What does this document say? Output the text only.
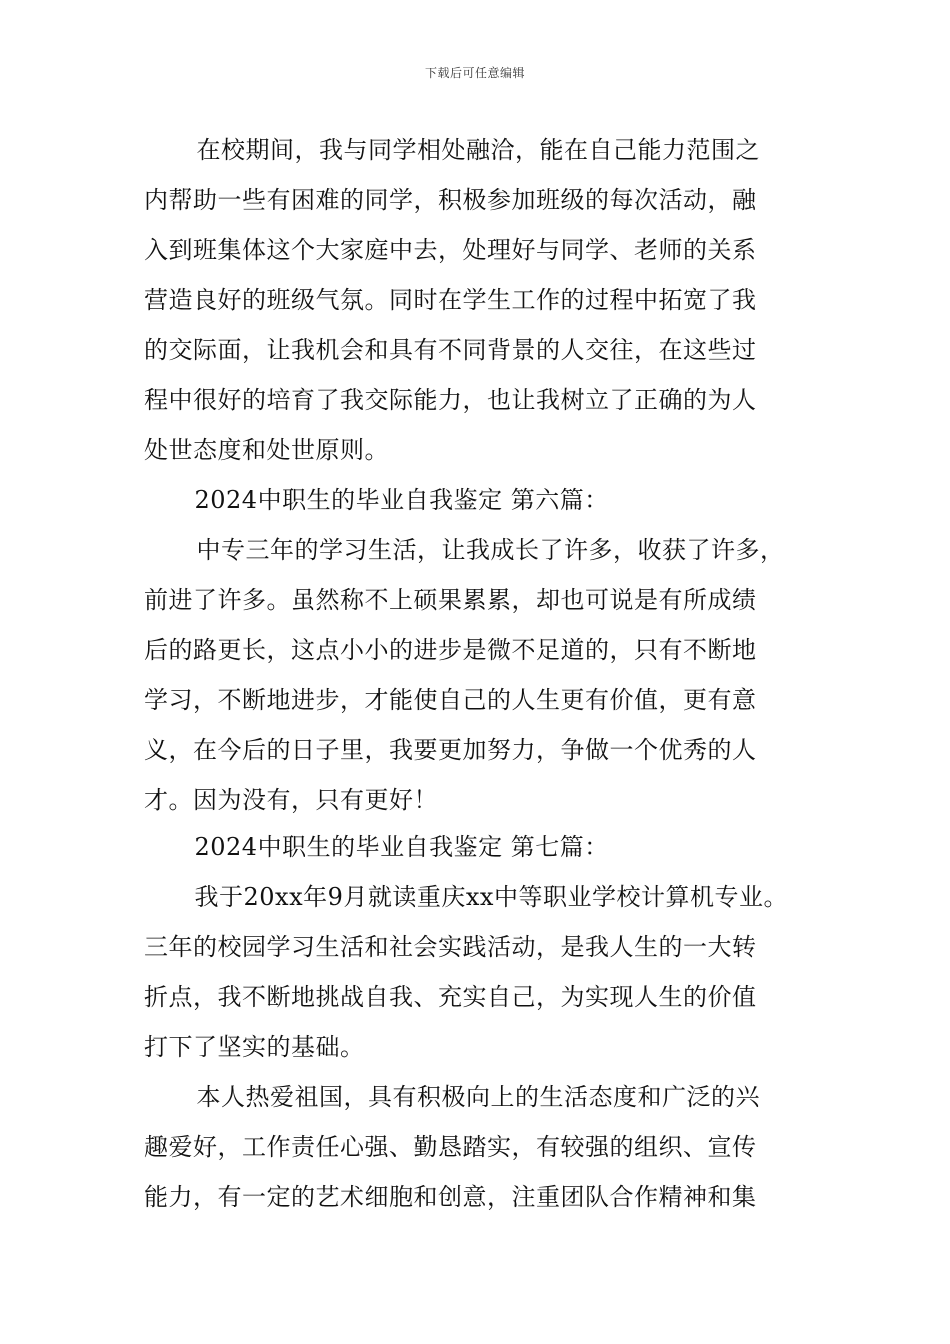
下载后可任意编辑
　在校期间，我与同学相处融洽，能在自己能力范围之
内帮助一些有困难的同学，积极参加班级的每次活动，融
入到班集体这个大家庭中去，处理好与同学、老师的关系
营造良好的班级气氛。同时在学生工作的过程中拓宽了我
的交际面，让我机会和具有不同背景的人交往，在这些过
程中很好的培育了我交际能力，也让我树立了正确的为人
处世态度和处世原则。
　2024中职生的毕业自我鉴定 第六篇：
　中专三年的学习生活，让我成长了许多，收获了许多，
前进了许多。虽然称不上硕果累累，却也可说是有所成绩
后的路更长，这点小小的进步是微不足道的，只有不断地
学习，不断地进步，才能使自己的人生更有价值，更有意
义，在今后的日子里，我要更加努力，争做一个优秀的人
才。因为没有，只有更好！
　2024中职生的毕业自我鉴定 第七篇：
　我于20xx年9月就读重庆xx中等职业学校计算机专业。
三年的校园学习生活和社会实践活动，是我人生的一大转
折点，我不断地挑战自我、充实自己，为实现人生的价值
打下了坚实的基础。
　本人热爱祖国，具有积极向上的生活态度和广泛的兴
趣爱好，工作责任心强、勤恳踏实，有较强的组织、宣传
能力，有一定的艺术细胞和创意，注重团队合作精神和集
